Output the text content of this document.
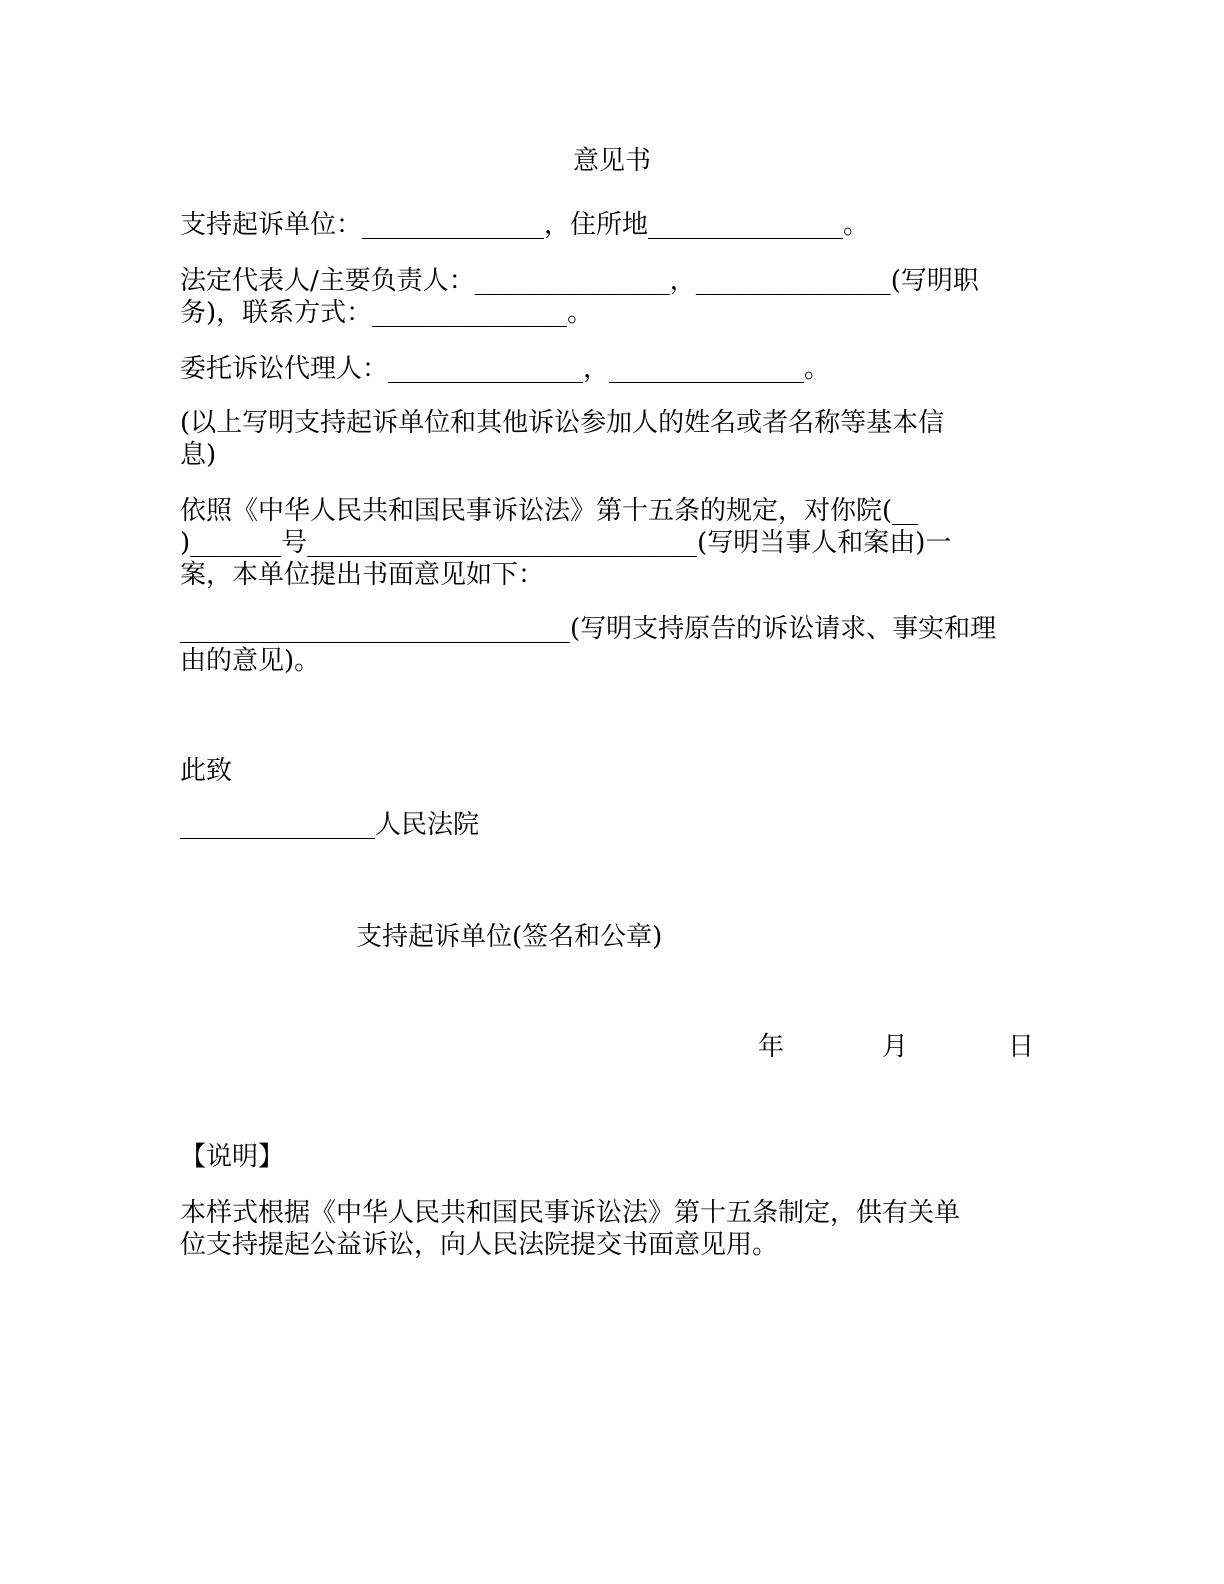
意见书
支持起诉单位：______________，住所地_______________。
法定代表人/主要负责人：_______________，_______________(写明职
务)，联系方式：_______________。
委托诉讼代理人：_______________，_______________。
(以上写明支持起诉单位和其他诉讼参加人的姓名或者名称等基本信
息)
依照《中华人民共和国民事诉讼法》第十五条的规定，对你院(__
)_______号______________________________(写明当事人和案由)一
案，本单位提出书面意见如下：
______________________________(写明支持原告的诉讼请求、事实和理
由的意见)。
此致
_______________人民法院
支持起诉单位(签名和公章)
年	月	日
【说明】
本样式根据《中华人民共和国民事诉讼法》第十五条制定，供有关单
位支持提起公益诉讼，向人民法院提交书面意见用。
